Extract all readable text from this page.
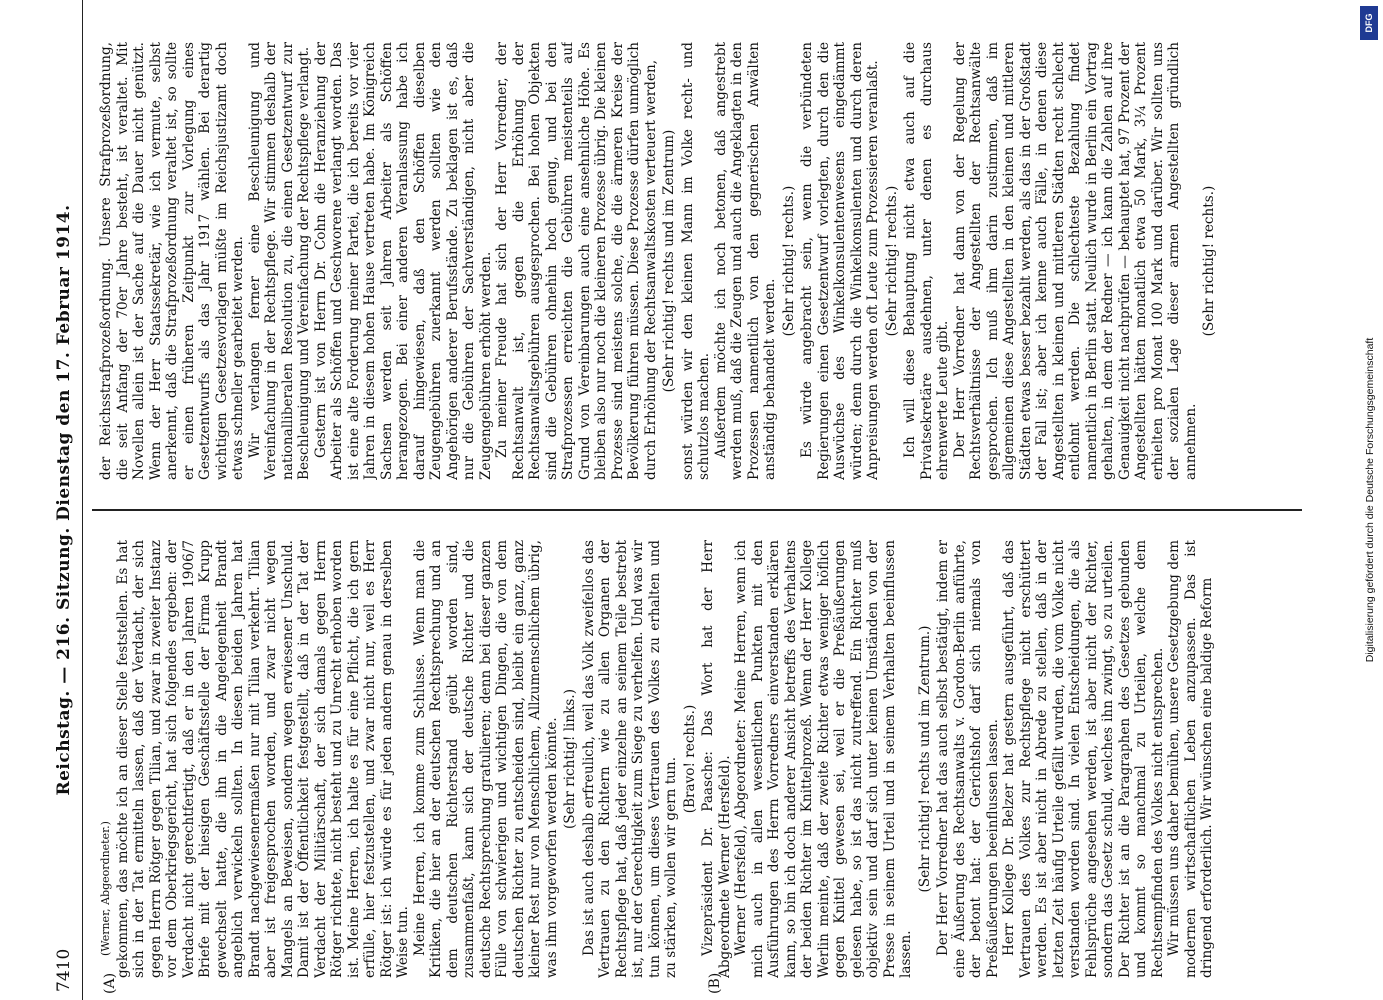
7410
Reichstag. — 216. Sitzung. Dienstag den 17. Februar 1914.
(A)	(B)

(Werner, Abgeordneter.) gekommen, das möchte ich an dieser Stelle feststellen. Es hat sich in der Tat ermitteln lassen, daß der Verdacht, der sich gegen Herrn Rötger gegen Tilian, und zwar in zweiter Instanz vor dem Oberkriegsgericht, hat sich folgendes ergeben: der Verdacht nicht gerechtfertigt, daß er in den Jahren 1906/7 Briefe mit der hiesigen Geschäftsstelle der Firma Krupp gewechselt hatte, die ihn in die Angelegenheit Brandt angeblich verwickeln sollten. In diesen beiden Jahren hat Brandt nachgewiesenermaßen nur mit Tilian verkehrt. Tilian aber ist freigesprochen worden, und zwar nicht wegen Mangels an Beweisen, sondern wegen erwiesener Unschuld. Damit ist der Öffentlichkeit festgestellt, daß in der Tat der Verdacht der Militärschaft, der sich damals gegen Herrn Rötger richtete, nicht besteht und zu Unrecht erhoben worden ist. Meine Herren, ich halte es für eine Pflicht, die ich gern erfülle, hier festzustellen, und zwar nicht nur, weil es Herr Rötger ist: ich würde es für jeden andern genau in derselben Weise tun. Meine Herren, ich komme zum Schlusse. Wenn man die Kritiken, die hier an der deutschen Rechtsprechung und an dem deutschen Richterstand geübt worden sind, zusammenfaßt, kann sich der deutsche Richter und die deutsche Rechtsprechung gratulieren; denn bei dieser ganzen Fülle von schwierigen und wichtigen Dingen, die von dem deutschen Richter zu entscheiden sind, bleibt ein ganz, ganz kleiner Rest nur von Menschlichem, Allzumenschlichem übrig, was ihm vorgeworfen werden könnte. (Sehr richtig! links.) Das ist auch deshalb erfreulich, weil das Volk zweifellos das Vertrauen zu den Richtern wie zu allen Organen der Rechtspflege hat, daß jeder einzelne an seinem Teile bestrebt ist, nur der Gerechtigkeit zum Siege zu verhelfen. Und was wir tun können, um dieses Vertrauen des Volkes zu erhalten und zu stärken, wollen wir gern tun. (Bravo! rechts.) Vizepräsident Dr. Paasche: Das Wort hat der Herr Abgeordnete Werner (Hersfeld). Werner (Hersfeld), Abgeordneter: Meine Herren, wenn ich mich auch in allen wesentlichen Punkten mit den Ausführungen des Herrn Vorredners einverstanden erklären kann, so bin ich doch anderer Ansicht betreffs des Verhaltens der beiden Richter im Knittelprozeß. Wenn der Herr Kollege Werlin meinte, daß der zweite Richter etwas weniger höflich gegen Knittel gewesen sei, weil er die Preßäußerungen gelesen habe, so ist das nicht zutreffend. Ein Richter muß objektiv sein und darf sich unter keinen Umständen von der Presse in seinem Urteil und in seinem Verhalten beeinflussen lassen.

(Sehr richtig! rechts und im Zentrum.) Der Herr Vorredner hat das auch selbst bestätigt, indem er eine Äußerung des Rechtsanwalts v. Gordon-Berlin anführte, der betont hat: der Gerichtshof darf sich niemals von Preßäußerungen beeinflussen lassen. Herr Kollege Dr. Belzer hat gestern ausgeführt, daß das Vertrauen des Volkes zur Rechtspflege nicht erschüttert werden. Es ist aber nicht in Abrede zu stellen, daß in der letzten Zeit häufig Urteile gefällt wurden, die vom Volke nicht verstanden worden sind. In vielen Entscheidungen, die als Fehlsprüche angesehen werden, ist aber nicht der Richter, sondern das Gesetz schuld, welches ihn zwingt, so zu urteilen. Der Richter ist an die Paragraphen des Gesetzes gebunden und kommt so manchmal zu Urteilen, welche dem Rechtsempfinden des Volkes nicht entsprechen. Wir müssen uns daher bemühen, unsere Gesetzgebung dem modernen wirtschaftlichen Leben anzupassen. Das ist dringend erforderlich. Wir wünschen eine baldige Reform

der Reichsstrafprozeßordnung. Unsere Strafprozeßordnung, die seit Anfang der 70er Jahre besteht, ist veraltet. Mit Novellen allein ist der Sache auf die Dauer nicht genützt. Wenn der Herr Staatssekretär, wie ich vermute, selbst anerkennt, daß die Strafprozeßordnung veraltet ist, so sollte er einen früheren Zeitpunkt zur Vorlegung eines Gesetzentwurfs als das Jahr 1917 wählen. Bei derartig wichtigen Gesetzesvorlagen müßte im Reichsjustizamt doch etwas schneller gearbeitet werden. Wir verlangen ferner eine Beschleunigung und Vereinfachung in der Rechtspflege. Wir stimmen deshalb der nationalliberalen Resolution zu, die einen Gesetzentwurf zur Beschleunigung und Vereinfachung der Rechtspflege verlangt. Gestern ist von Herrn Dr. Cohn die Heranziehung der Arbeiter als Schöffen und Geschworene verlangt worden. Das ist eine alte Forderung meiner Partei, die ich bereits vor vier Jahren in diesem hohen Hause vertreten habe. Im Königreich Sachsen werden seit Jahren Arbeiter als Schöffen herangezogen. Bei einer anderen Veranlassung habe ich darauf hingewiesen, daß den Schöffen dieselben Zeugengebühren zuerkannt werden sollten wie den Angehörigen anderer Berufsstände. Zu beklagen ist es, daß nur die Gebühren der Sachverständigen, nicht aber die Zeugengebühren erhöht werden. Zu meiner Freude hat sich der Herr Vorredner, der Rechtsanwalt ist, gegen die Erhöhung der Rechtsanwaltsgebühren ausgesprochen. Bei hohen Objekten sind die Gebühren ohnehin hoch genug, und bei den Strafprozessen erreichten die Gebühren meistenteils auf Grund von Vereinbarungen auch eine ansehnliche Höhe. Es bleiben also nur noch die kleineren Prozesse übrig. Die kleinen Prozesse sind meistens solche, die die ärmeren Kreise der Bevölkerung führen müssen. Diese Prozesse dürfen unmöglich durch Erhöhung der Rechtsanwaltskosten verteuert werden, (Sehr richtig! rechts und im Zentrum) sonst würden wir den kleinen Mann im Volke recht- und schutzlos machen. Außerdem möchte ich noch betonen, daß angestrebt werden muß, daß die Zeugen und auch die Angeklagten in den Prozessen namentlich von den gegnerischen Anwälten anständig behandelt werden.

(Sehr richtig! rechts.) Es würde angebracht sein, wenn die verbündeten Regierungen einen Gesetzentwurf vorlegten, durch den die Auswüchse des Winkelkonsulentenwesens eingedämmt würden; denn durch die Winkelkonsulenten und durch deren Anpreisungen werden oft Leute zum Prozessieren veranlaßt. (Sehr richtig! rechts.) Ich will diese Behauptung nicht etwa auch auf die Privatsekretäre ausdehnen, unter denen es durchaus ehrenwerte Leute gibt. Der Herr Vorredner hat dann von der Regelung der Rechtsverhältnisse der Angestellten der Rechtsanwälte gesprochen. Ich muß ihm darin zustimmen, daß im allgemeinen diese Angestellten in den kleinen und mittleren Städten etwas besser bezahlt werden, als das in der Großstadt der Fall ist; aber ich kenne auch Fälle, in denen diese Angestellten in kleinen und mittleren Städten recht schlecht entlohnt werden. Die schlechteste Bezahlung findet namentlich in Berlin statt. Neulich wurde in Berlin ein Vortrag gehalten, in dem der Redner — ich kann die Zahlen auf ihre Genauigkeit nicht nachprüfen — behauptet hat, 97 Prozent der Angestellten hätten monatlich etwa 50 Mark, 3¼ Prozent erhielten pro Monat 100 Mark und darüber. Wir sollten uns der sozialen Lage dieser armen Angestellten gründlich annehmen.

(Sehr richtig! rechts.)

DFG
Digitalisierung gefördert durch die Deutsche Forschungsgemeinschaft
